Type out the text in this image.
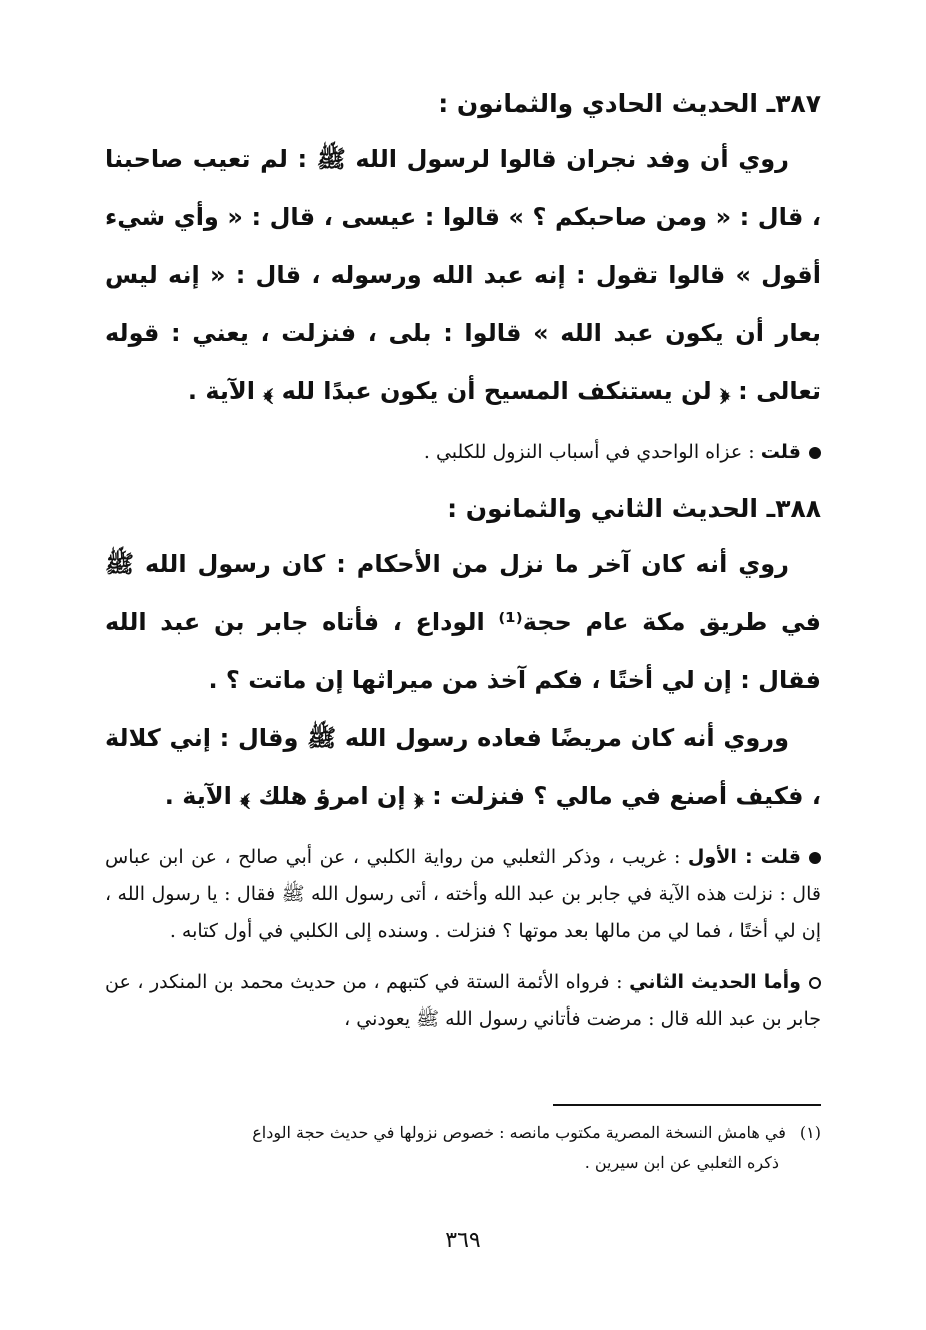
٣٨٧ـ الحديث الحادي والثمانون :

روي أن وفد نجران قالوا لرسول الله ﷺ : لم تعيب صاحبنا ، قال : « ومن صاحبكم ؟ » قالوا : عيسى ، قال : « وأي شيء أقول » قالوا تقول : إنه عبد الله ورسوله ، قال : « إنه ليس بعار أن يكون عبد الله » قالوا : بلى ، فنزلت ، يعني : قوله تعالى : ﴿ لن يستنكف المسيح أن يكون عبدًا لله ﴾ الآية .

قلت : عزاه الواحدي في أسباب النزول للكلبي .

٣٨٨ـ الحديث الثاني والثمانون :

روي أنه كان آخر ما نزل من الأحكام : كان رسول الله ﷺ في طريق مكة عام حجة⁽¹⁾ الوداع ، فأتاه جابر بن عبد الله فقال : إن لي أختًا ، فكم آخذ من ميراثها إن ماتت ؟ .

وروي أنه كان مريضًا فعاده رسول الله ﷺ وقال : إني كلالة ، فكيف أصنع في مالي ؟ فنزلت : ﴿ إن امرؤ هلك ﴾ الآية .

قلت : الأول : غريب ، وذكر الثعلبي من رواية الكلبي ، عن أبي صالح ، عن ابن عباس قال : نزلت هذه الآية في جابر بن عبد الله وأخته ، أتى رسول الله ﷺ فقال : يا رسول الله ، إن لي أختًا ، فما لي من مالها بعد موتها ؟ فنزلت . وسنده إلى الكلبي في أول كتابه .

وأما الحديث الثاني : فرواه الأئمة الستة في كتبهم ، من حديث محمد بن المنكدر ، عن جابر بن عبد الله قال : مرضت فأتاني رسول الله ﷺ يعودني ،

(١)في هامش النسخة المصرية مكتوب مانصه : خصوص نزولها في حديث حجة الوداع
ذكره الثعلبي عن ابن سيرين .
٣٦٩
